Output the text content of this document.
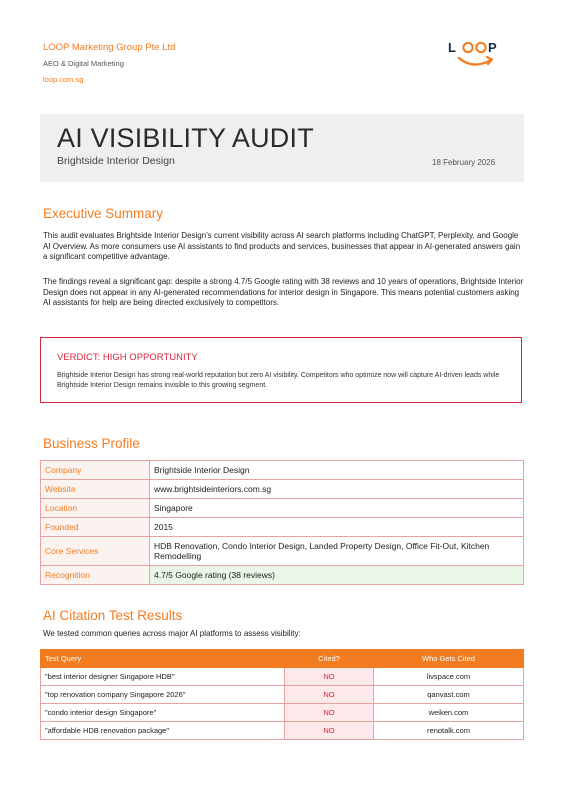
LOOP Marketing Group Pte Ltd
AEO & Digital Marketing
loop.com.sg
L P
AI VISIBILITY AUDIT
Brightside Interior Design	18 February 2026
Executive Summary

This audit evaluates Brightside Interior Design's current visibility across AI search platforms including ChatGPT, Perplexity, and Google AI Overview. As more consumers use AI assistants to find products and services, businesses that appear in AI-generated answers gain a significant competitive advantage.

The findings reveal a significant gap: despite a strong 4.7/5 Google rating with 38 reviews and 10 years of operations, Brightside Interior Design does not appear in any AI-generated recommendations for interior design in Singapore. This means potential customers asking AI assistants for help are being directed exclusively to competitors.

VERDICT: HIGH OPPORTUNITY
Brightside Interior Design has strong real-world reputation but zero AI visibility. Competitors who optimize now will capture AI-driven leads while Brightside Interior Design remains invisible to this growing segment.
Business Profile
Company	Brightside Interior Design
Website	www.brightsideinteriors.com.sg
Location	Singapore
Founded	2015
Core Services	HDB Renovation, Condo Interior Design, Landed Property Design, Office Fit-Out, Kitchen Remodelling
Recognition	4.7/5 Google rating (38 reviews)
AI Citation Test Results
We tested common queries across major AI platforms to assess visibility:
Test Query	Cited?	Who Gets Cited
"best interior designer Singapore HDB"	NO	livspace.com
"top renovation company Singapore 2026"	NO	qanvast.com
"condo interior design Singapore"	NO	weiken.com
"affordable HDB renovation package"	NO	renotalk.com
